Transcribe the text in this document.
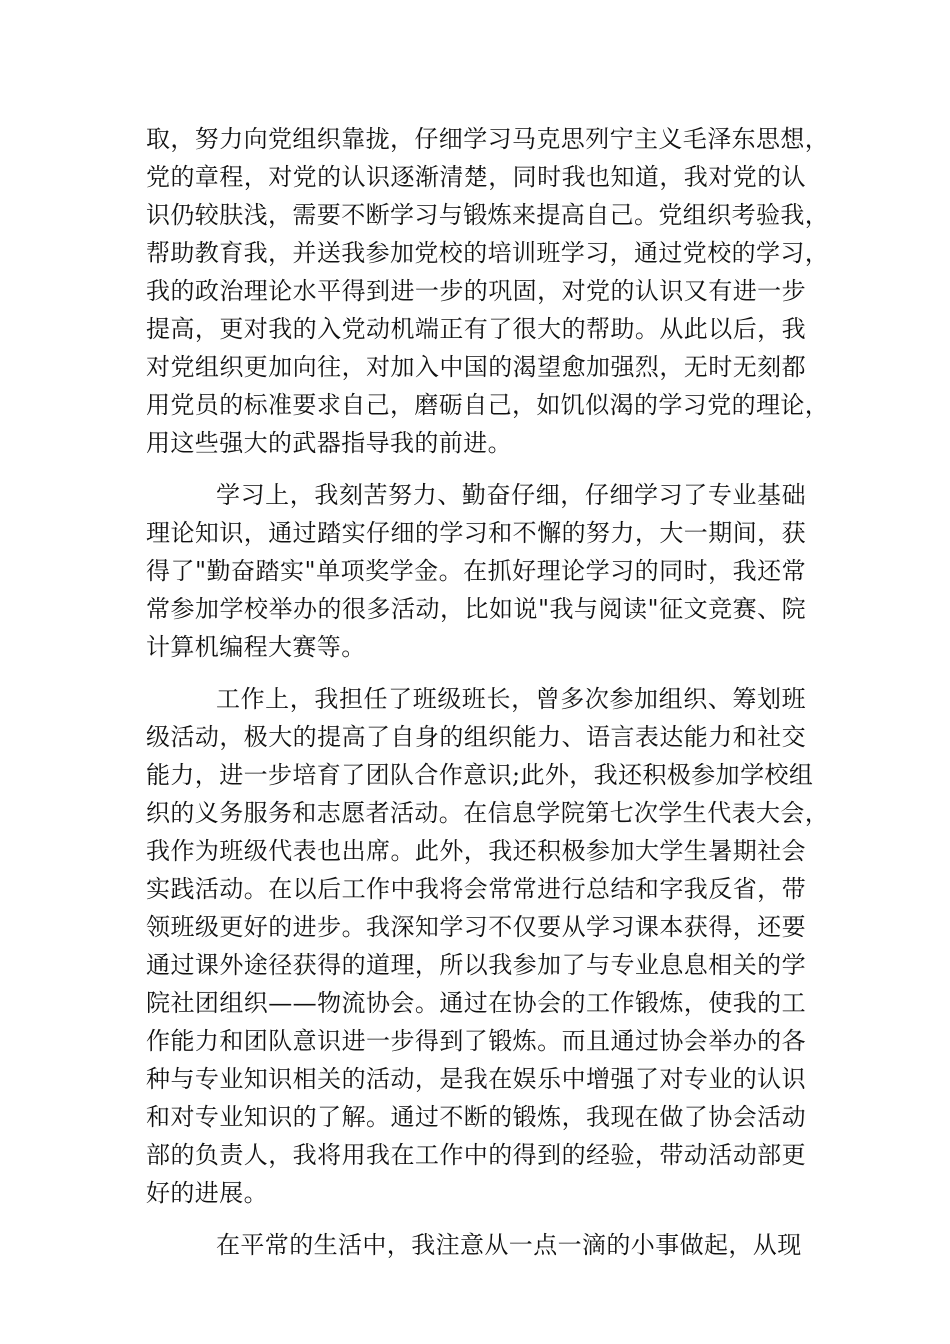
取，努力向党组织靠拢，仔细学习马克思列宁主义毛泽东思想，
党的章程，对党的认识逐渐清楚，同时我也知道，我对党的认
识仍较肤浅，需要不断学习与锻炼来提高自己。党组织考验我，
帮助教育我，并送我参加党校的培训班学习，通过党校的学习，
我的政治理论水平得到进一步的巩固，对党的认识又有进一步
提高，更对我的入党动机端正有了很大的帮助。从此以后，我
对党组织更加向往，对加入中国的渴望愈加强烈，无时无刻都
用党员的标准要求自己，磨砺自己，如饥似渴的学习党的理论，
用这些强大的武器指导我的前进。
学习上，我刻苦努力、勤奋仔细，仔细学习了专业基础
理论知识，通过踏实仔细的学习和不懈的努力，大一期间，获
得了"勤奋踏实"单项奖学金。在抓好理论学习的同时，我还常
常参加学校举办的很多活动，比如说"我与阅读"征文竞赛、院
计算机编程大赛等。
工作上，我担任了班级班长，曾多次参加组织、筹划班
级活动，极大的提高了自身的组织能力、语言表达能力和社交
能力，进一步培育了团队合作意识;此外，我还积极参加学校组
织的义务服务和志愿者活动。在信息学院第七次学生代表大会，
我作为班级代表也出席。此外，我还积极参加大学生暑期社会
实践活动。在以后工作中我将会常常进行总结和字我反省，带
领班级更好的进步。我深知学习不仅要从学习课本获得，还要
通过课外途径获得的道理，所以我参加了与专业息息相关的学
院社团组织——物流协会。通过在协会的工作锻炼，使我的工
作能力和团队意识进一步得到了锻炼。而且通过协会举办的各
种与专业知识相关的活动，是我在娱乐中增强了对专业的认识
和对专业知识的了解。通过不断的锻炼，我现在做了协会活动
部的负责人，我将用我在工作中的得到的经验，带动活动部更
好的进展。
在平常的生活中，我注意从一点一滴的小事做起，从现
